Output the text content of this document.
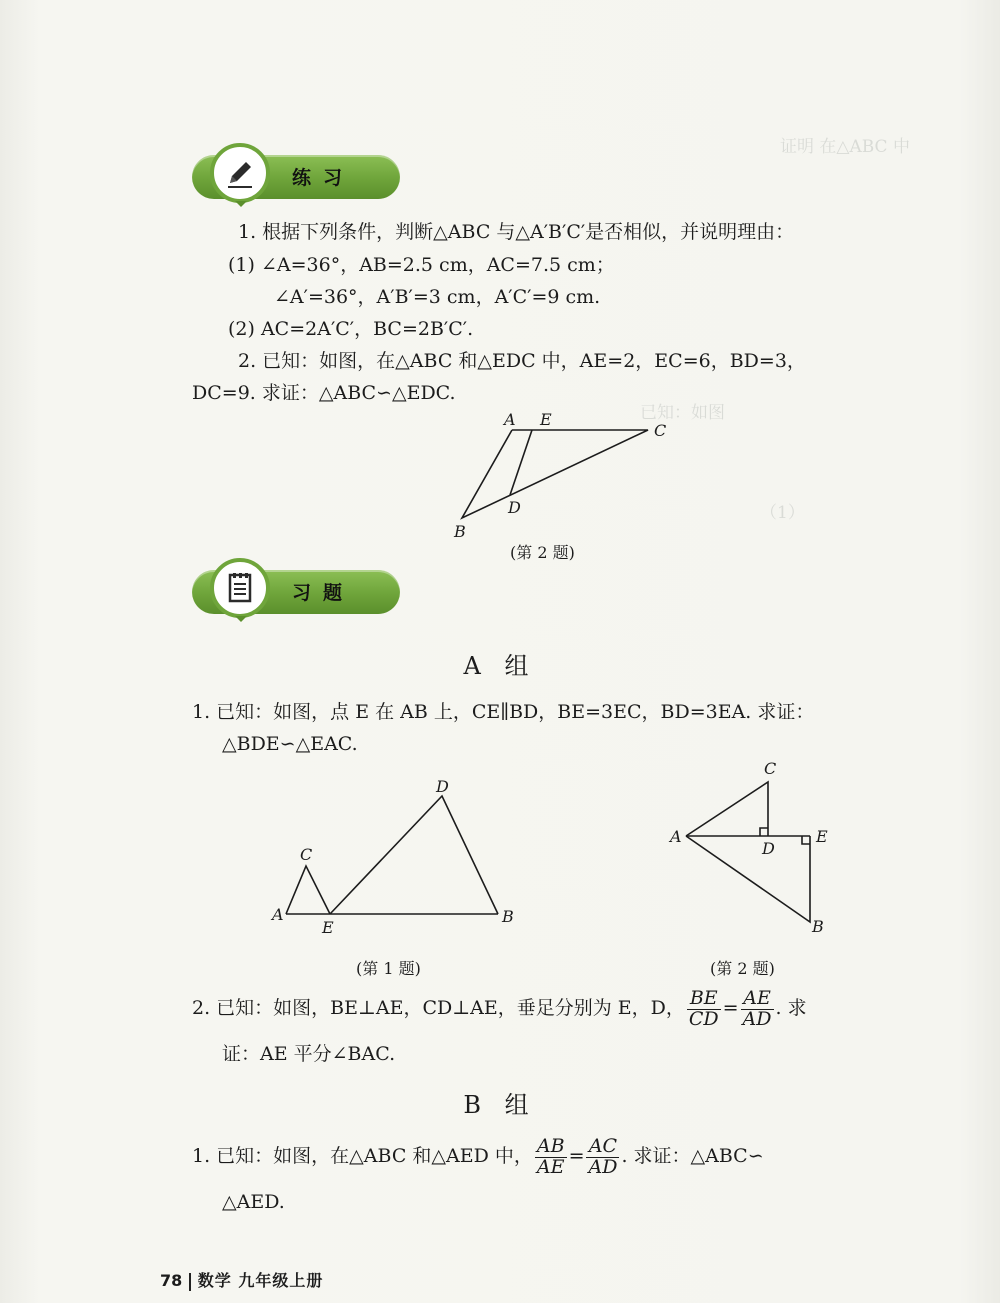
证明 在△ABC 中
已知：如图
（1）
练习
1. 根据下列条件，判断△ABC 与△A′B′C′是否相似，并说明理由：
(1) ∠A=36°，AB=2.5 cm，AC=7.5 cm；
∠A′=36°，A′B′=3 cm，A′C′=9 cm.
(2) AC=2A′C′，BC=2B′C′.
2. 已知：如图，在△ABC 和△EDC 中，AE=2，EC=6，BD=3，
DC=9. 求证：△ABC∽△EDC.
A E
C
D
B
(第 2 题)
习题
A 组
1. 已知：如图，点 E 在 AB 上，CE∥BD，BE=3EC，BD=3EA. 求证：
△BDE∽△EAC.
A	B
C
D
E
(第 1 题)
A
C
D
E
B
(第 2 题)
2. 已知：如图，BE⊥AE，CD⊥AE，垂足分别为 E，D， $\frac{BE}{CD} = \frac{AE}{AD}$ . 求
证：AE 平分∠BAC.
B 组
1. 已知：如图，在△ABC 和△AED 中， $\frac{AB}{AE} = \frac{AC}{AD}$ . 求证：△ABC∽
△AED.
78 数学 九年级上册
